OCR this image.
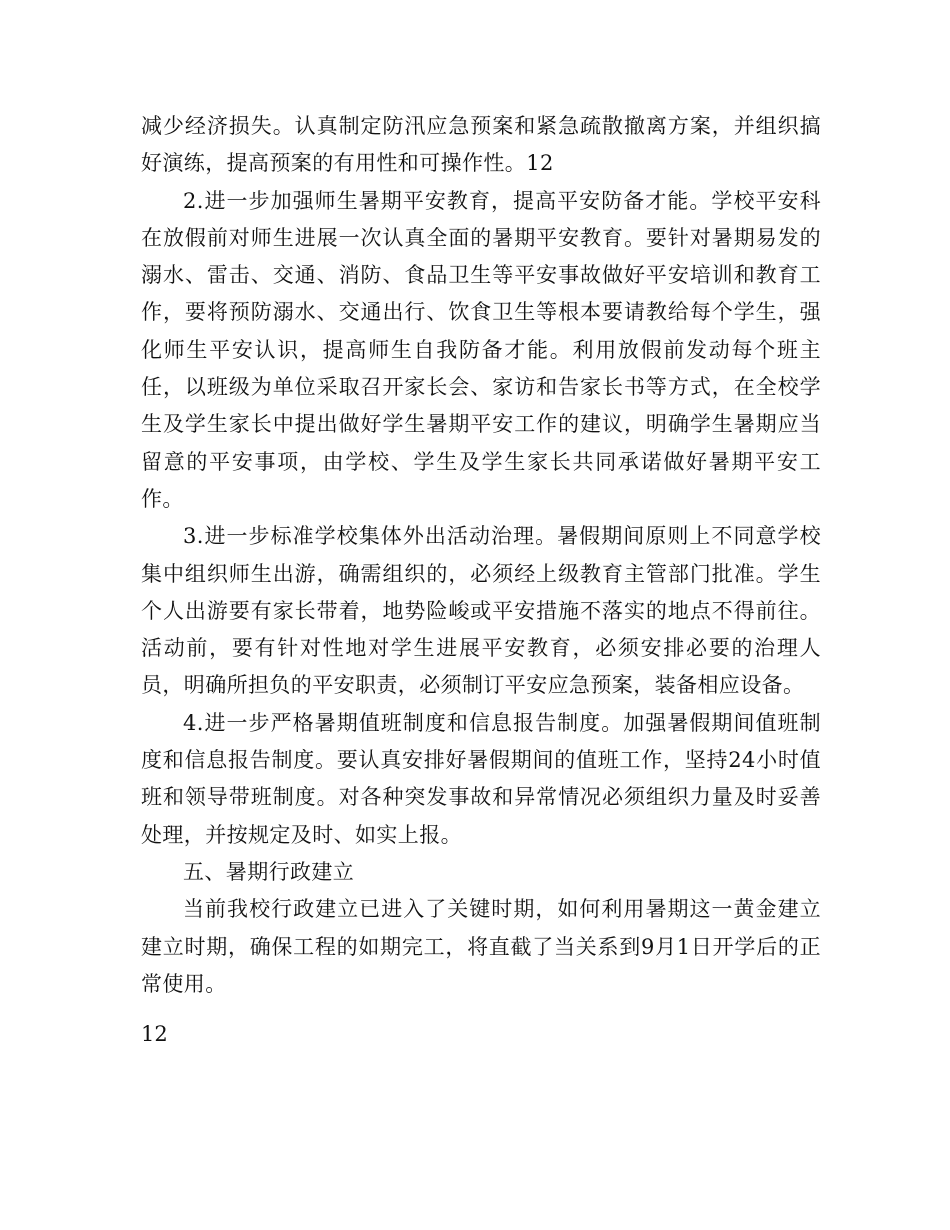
减少经济损失。认真制定防汛应急预案和紧急疏散撤离方案，并组织搞好演练，提高预案的有用性和可操作性。12

2.进一步加强师生暑期平安教育，提高平安防备才能。学校平安科在放假前对师生进展一次认真全面的暑期平安教育。要针对暑期易发的溺水、雷击、交通、消防、食品卫生等平安事故做好平安培训和教育工作，要将预防溺水、交通出行、饮食卫生等根本要请教给每个学生，强化师生平安认识，提高师生自我防备才能。利用放假前发动每个班主任，以班级为单位采取召开家长会、家访和告家长书等方式，在全校学生及学生家长中提出做好学生暑期平安工作的建议，明确学生暑期应当留意的平安事项，由学校、学生及学生家长共同承诺做好暑期平安工作。

3.进一步标准学校集体外出活动治理。暑假期间原则上不同意学校集中组织师生出游，确需组织的，必须经上级教育主管部门批准。学生个人出游要有家长带着，地势险峻或平安措施不落实的地点不得前往。活动前，要有针对性地对学生进展平安教育，必须安排必要的治理人员，明确所担负的平安职责，必须制订平安应急预案，装备相应设备。

4.进一步严格暑期值班制度和信息报告制度。加强暑假期间值班制度和信息报告制度。要认真安排好暑假期间的值班工作，坚持24小时值班和领导带班制度。对各种突发事故和异常情况必须组织力量及时妥善处理，并按规定及时、如实上报。

五、暑期行政建立

当前我校行政建立已进入了关键时期，如何利用暑期这一黄金建立建立时期，确保工程的如期完工，将直截了当关系到9月1日开学后的正常使用。

12
